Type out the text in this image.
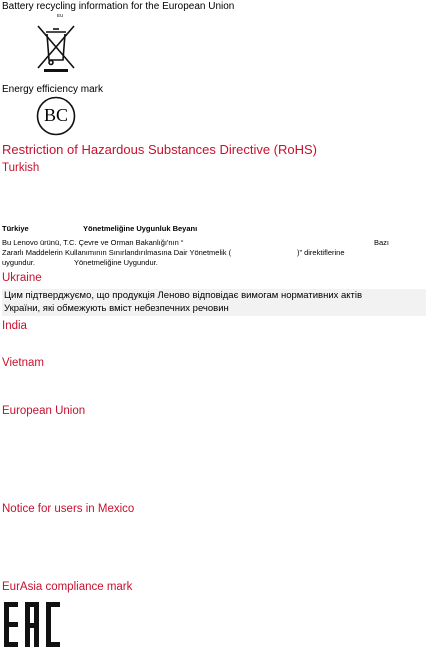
Battery recycling information for the European Union
EU
Energy efficiency mark
BC
Restriction of Hazardous Substances Directive (RoHS)
Turkish
Türkiye	Yönetmeliğine Uygunluk Beyanı
Bu Lenovo ürünü, T.C. Çevre ve Orman Bakanlığı'nın “	Bazı
Zararlı Maddelerin Kullanımının Sınırlandırılmasına Dair Yönetmelik (	)” direktiflerine
uygundur.	Yönetmeliğine Uygundur.
Ukraine
Цим підтверджуємо, що продукція Леново відповідає вимогам нормативних актів
України, які обмежують вміст небезпечних речовин
India
Vietnam
European Union
Notice for users in Mexico
EurAsia compliance mark
